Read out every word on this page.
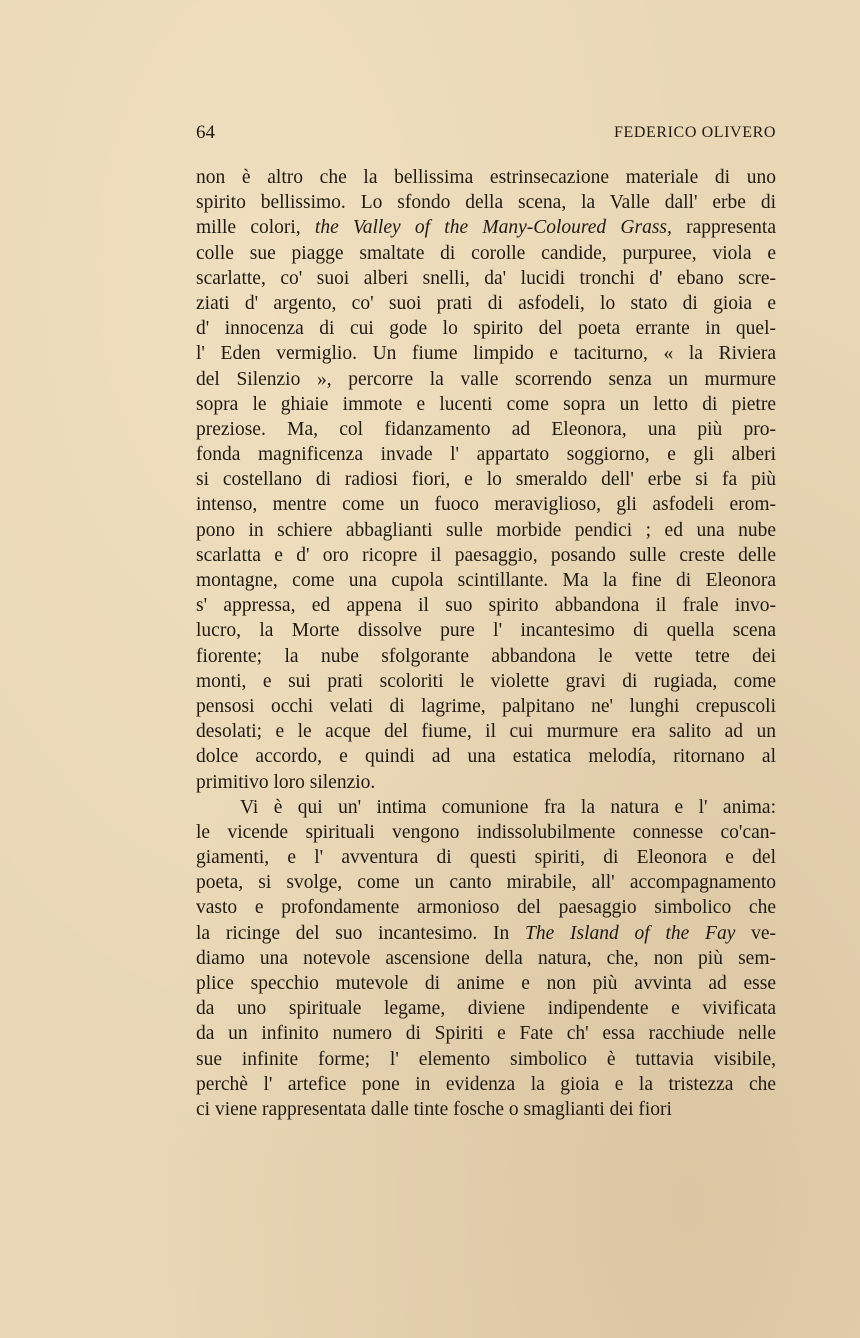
64	FEDERICO OLIVERO
non è altro che la bellissima estrinsecazione materiale di uno
spirito bellissimo. Lo sfondo della scena, la Valle dall' erbe di
mille colori, the Valley of the Many-Coloured Grass, rappresenta
colle sue piagge smaltate di corolle candide, purpuree, viola e
scarlatte, co' suoi alberi snelli, da' lucidi tronchi d' ebano scre-
ziati d' argento, co' suoi prati di asfodeli, lo stato di gioia e
d' innocenza di cui gode lo spirito del poeta errante in quel-
l' Eden vermiglio. Un fiume limpido e taciturno, « la Riviera
del Silenzio », percorre la valle scorrendo senza un murmure
sopra le ghiaie immote e lucenti come sopra un letto di pietre
preziose. Ma, col fidanzamento ad Eleonora, una più pro-
fonda magnificenza invade l' appartato soggiorno, e gli alberi
si costellano di radiosi fiori, e lo smeraldo dell' erbe si fa più
intenso, mentre come un fuoco meraviglioso, gli asfodeli erom-
pono in schiere abbaglianti sulle morbide pendici ; ed una nube
scarlatta e d' oro ricopre il paesaggio, posando sulle creste delle
montagne, come una cupola scintillante. Ma la fine di Eleonora
s' appressa, ed appena il suo spirito abbandona il frale invo-
lucro, la Morte dissolve pure l' incantesimo di quella scena
fiorente; la nube sfolgorante abbandona le vette tetre dei
monti, e sui prati scoloriti le violette gravi di rugiada, come
pensosi occhi velati di lagrime, palpitano ne' lunghi crepuscoli
desolati; e le acque del fiume, il cui murmure era salito ad un
dolce accordo, e quindi ad una estatica melodía, ritornano al
primitivo loro silenzio.
Vi è qui un' intima comunione fra la natura e l' anima:
le vicende spirituali vengono indissolubilmente connesse co'can-
giamenti, e l' avventura di questi spiriti, di Eleonora e del
poeta, si svolge, come un canto mirabile, all' accompagnamento
vasto e profondamente armonioso del paesaggio simbolico che
la ricinge del suo incantesimo. In The Island of the Fay ve-
diamo una notevole ascensione della natura, che, non più sem-
plice specchio mutevole di anime e non più avvinta ad esse
da uno spirituale legame, diviene indipendente e vivificata
da un infinito numero di Spiriti e Fate ch' essa racchiude nelle
sue infinite forme; l' elemento simbolico è tuttavia visibile,
perchè l' artefice pone in evidenza la gioia e la tristezza che
ci viene rappresentata dalle tinte fosche o smaglianti dei fiori
